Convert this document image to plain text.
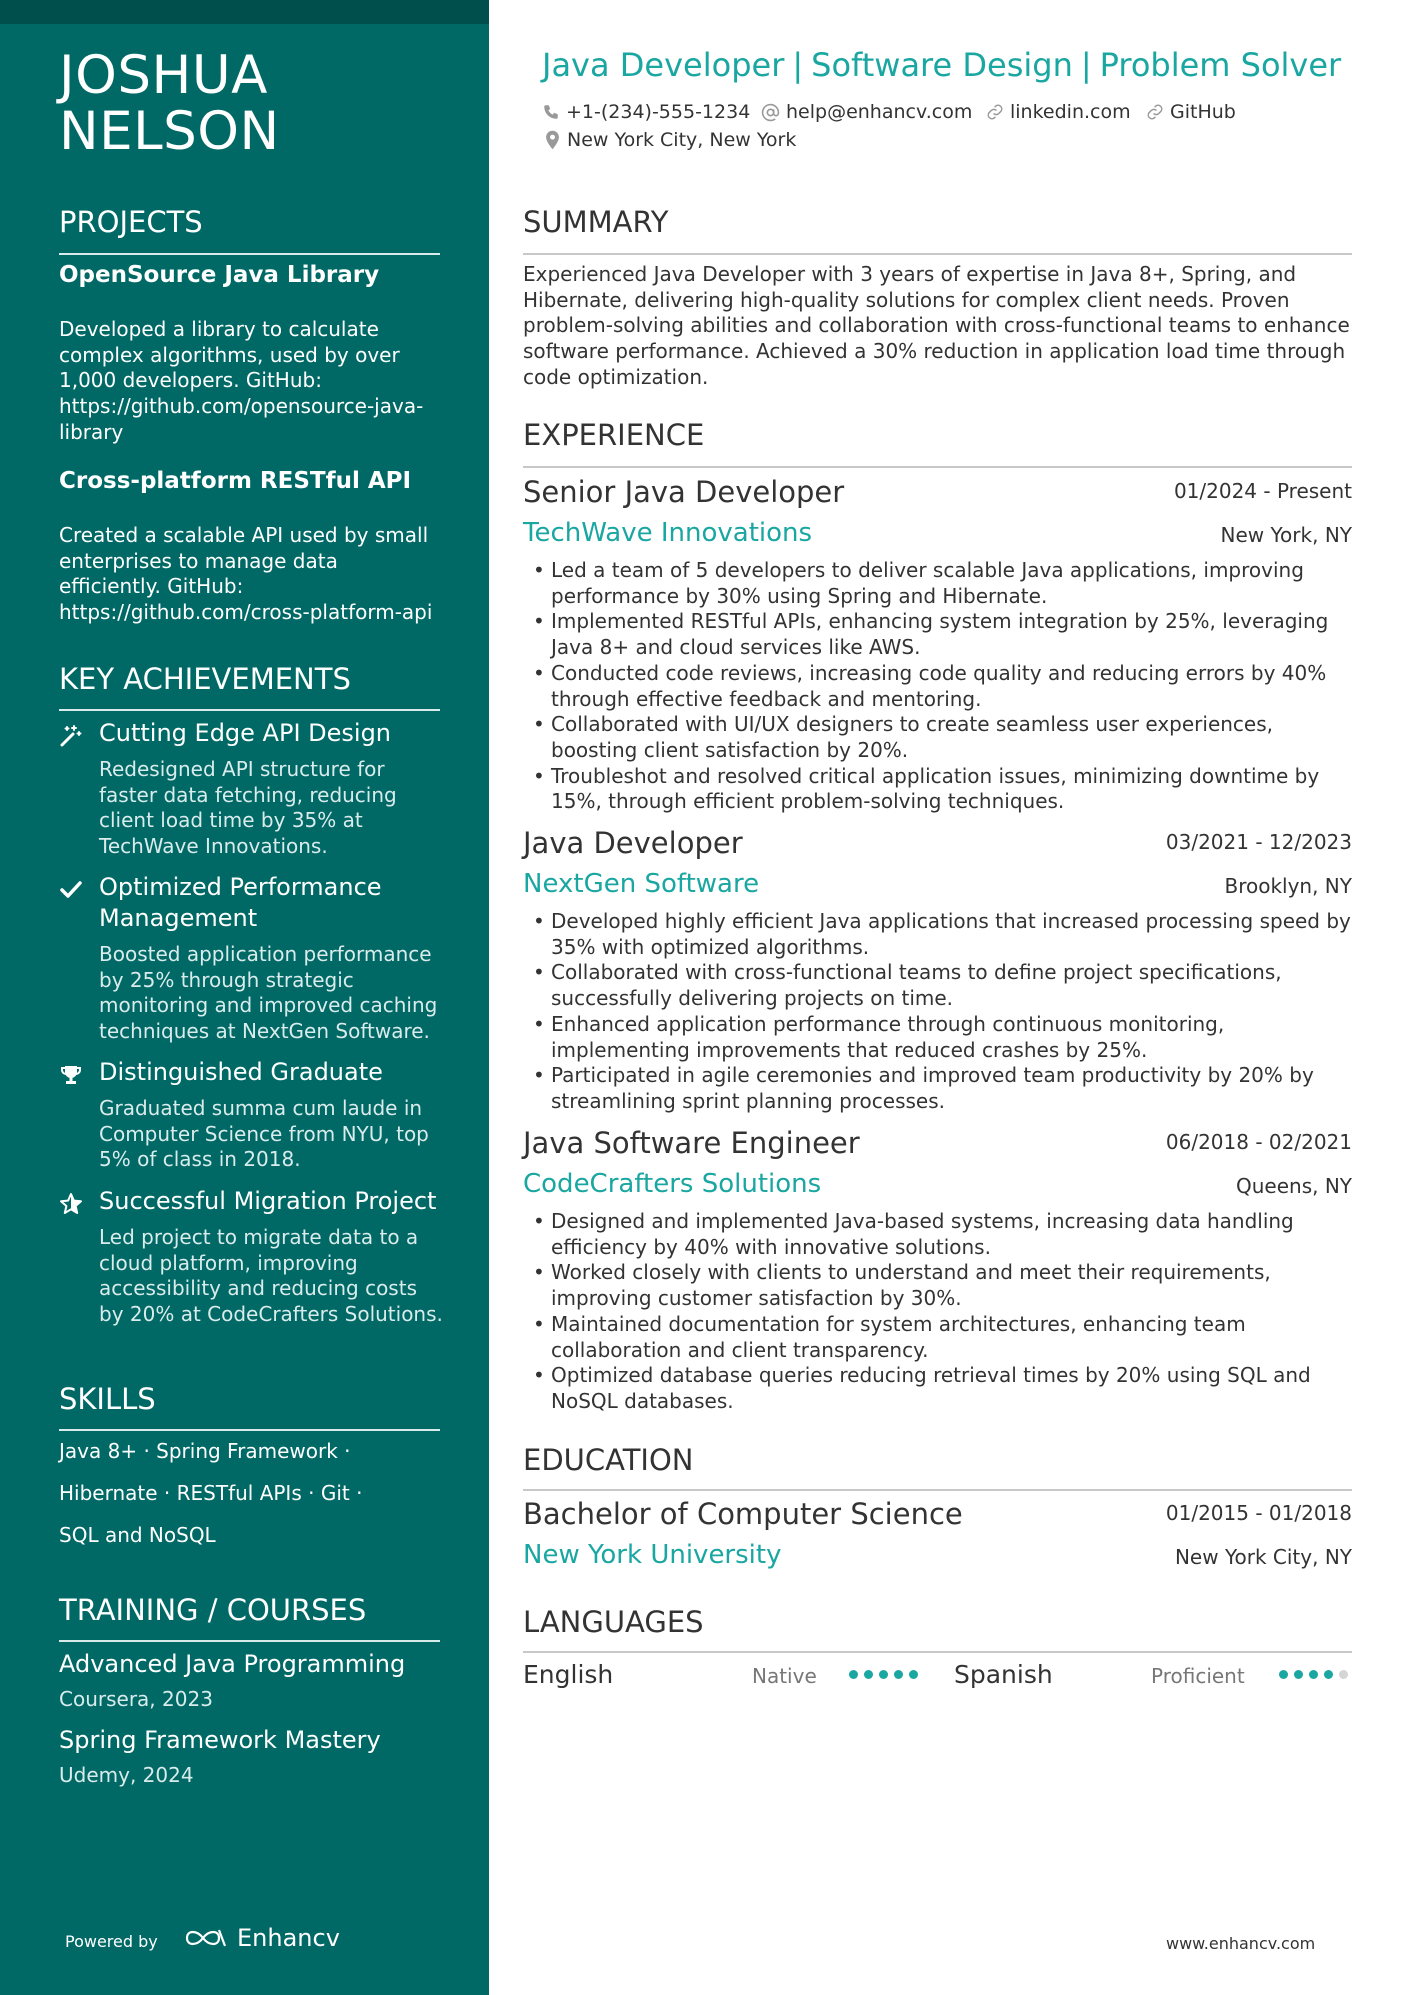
JOSHUA
NELSON
PROJECTS
OpenSource Java Library
Developed a library to calculate complex algorithms, used by over 1,000 developers. GitHub: https://github.com/opensource-java-library
Cross-platform RESTful API
Created a scalable API used by small enterprises to manage data efficiently. GitHub: https://github.com/cross-platform-api
KEY ACHIEVEMENTS
Cutting Edge API Design
Redesigned API structure for faster data fetching, reducing client load time by 35% at TechWave Innovations.
Optimized Performance Management
Boosted application performance by 25% through strategic monitoring and improved caching techniques at NextGen Software.
Distinguished Graduate
Graduated summa cum laude in Computer Science from NYU, top 5% of class in 2018.
Successful Migration Project
Led project to migrate data to a cloud platform, improving accessibility and reducing costs by 20% at CodeCrafters Solutions.
SKILLS
Java 8+ · Spring Framework ·
Hibernate · RESTful APIs · Git ·
SQL and NoSQL
TRAINING / COURSES
Advanced Java Programming
Coursera, 2023
Spring Framework Mastery
Udemy, 2024
Powered by	Enhancv
Java Developer | Software Design | Problem Solver
+1-(234)-555-1234 help@enhancv.com linkedin.com GitHub
New York City, New York
SUMMARY
Experienced Java Developer with 3 years of expertise in Java 8+, Spring, and Hibernate, delivering high-quality solutions for complex client needs. Proven problem-solving abilities and collaboration with cross-functional teams to enhance software performance. Achieved a 30% reduction in application load time through code optimization.
EXPERIENCE
Senior Java Developer	01/2024 - Present
TechWave Innovations	New York, NY
• Led a team of 5 developers to deliver scalable Java applications, improving performance by 30% using Spring and Hibernate.
• Implemented RESTful APIs, enhancing system integration by 25%, leveraging Java 8+ and cloud services like AWS.
• Conducted code reviews, increasing code quality and reducing errors by 40% through effective feedback and mentoring.
• Collaborated with UI/UX designers to create seamless user experiences, boosting client satisfaction by 20%.
• Troubleshot and resolved critical application issues, minimizing downtime by 15%, through efficient problem-solving techniques.
Java Developer	03/2021 - 12/2023
NextGen Software	Brooklyn, NY
• Developed highly efficient Java applications that increased processing speed by 35% with optimized algorithms.
• Collaborated with cross-functional teams to define project specifications, successfully delivering projects on time.
• Enhanced application performance through continuous monitoring, implementing improvements that reduced crashes by 25%.
• Participated in agile ceremonies and improved team productivity by 20% by streamlining sprint planning processes.
Java Software Engineer	06/2018 - 02/2021
CodeCrafters Solutions	Queens, NY
• Designed and implemented Java-based systems, increasing data handling efficiency by 40% with innovative solutions.
• Worked closely with clients to understand and meet their requirements, improving customer satisfaction by 30%.
• Maintained documentation for system architectures, enhancing team collaboration and client transparency.
• Optimized database queries reducing retrieval times by 20% using SQL and NoSQL databases.
EDUCATION
Bachelor of Computer Science	01/2015 - 01/2018
New York University	New York City, NY
LANGUAGES
English	Native	Spanish	Proficient
www.enhancv.com
